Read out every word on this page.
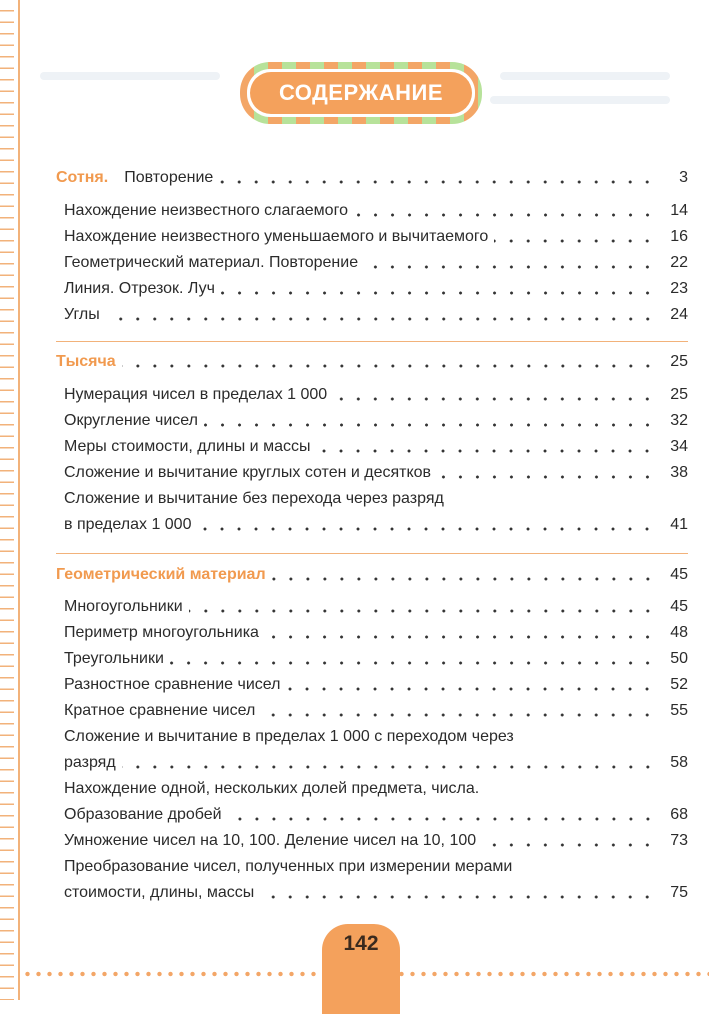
СОДЕРЖАНИЕ
Сотня.	Повторение	3
Нахождение неизвестного слагаемого	14
Нахождение неизвестного уменьшаемого и вычитаемого	16
Геометрический материал. Повторение	22
Линия. Отрезок. Луч	23
Углы	24
Тысяча	25
Нумерация чисел в пределах 1 000	25
Округление чисел	32
Меры стоимости, длины и массы	34
Сложение и вычитание круглых сотен и десятков	38
Сложение и вычитание без перехода через разряд
в пределах 1 000	41
Геометрический материал	45
Многоугольники	45
Периметр многоугольника	48
Треугольники	50
Разностное сравнение чисел	52
Кратное сравнение чисел	55
Сложение и вычитание в пределах 1 000 с переходом через
разряд	58
Нахождение одной, нескольких долей предмета, числа.
Образование дробей	68
Умножение чисел на 10, 100. Деление чисел на 10, 100	73
Преобразование чисел, полученных при измерении мерами
стоимости, длины, массы	75
142
